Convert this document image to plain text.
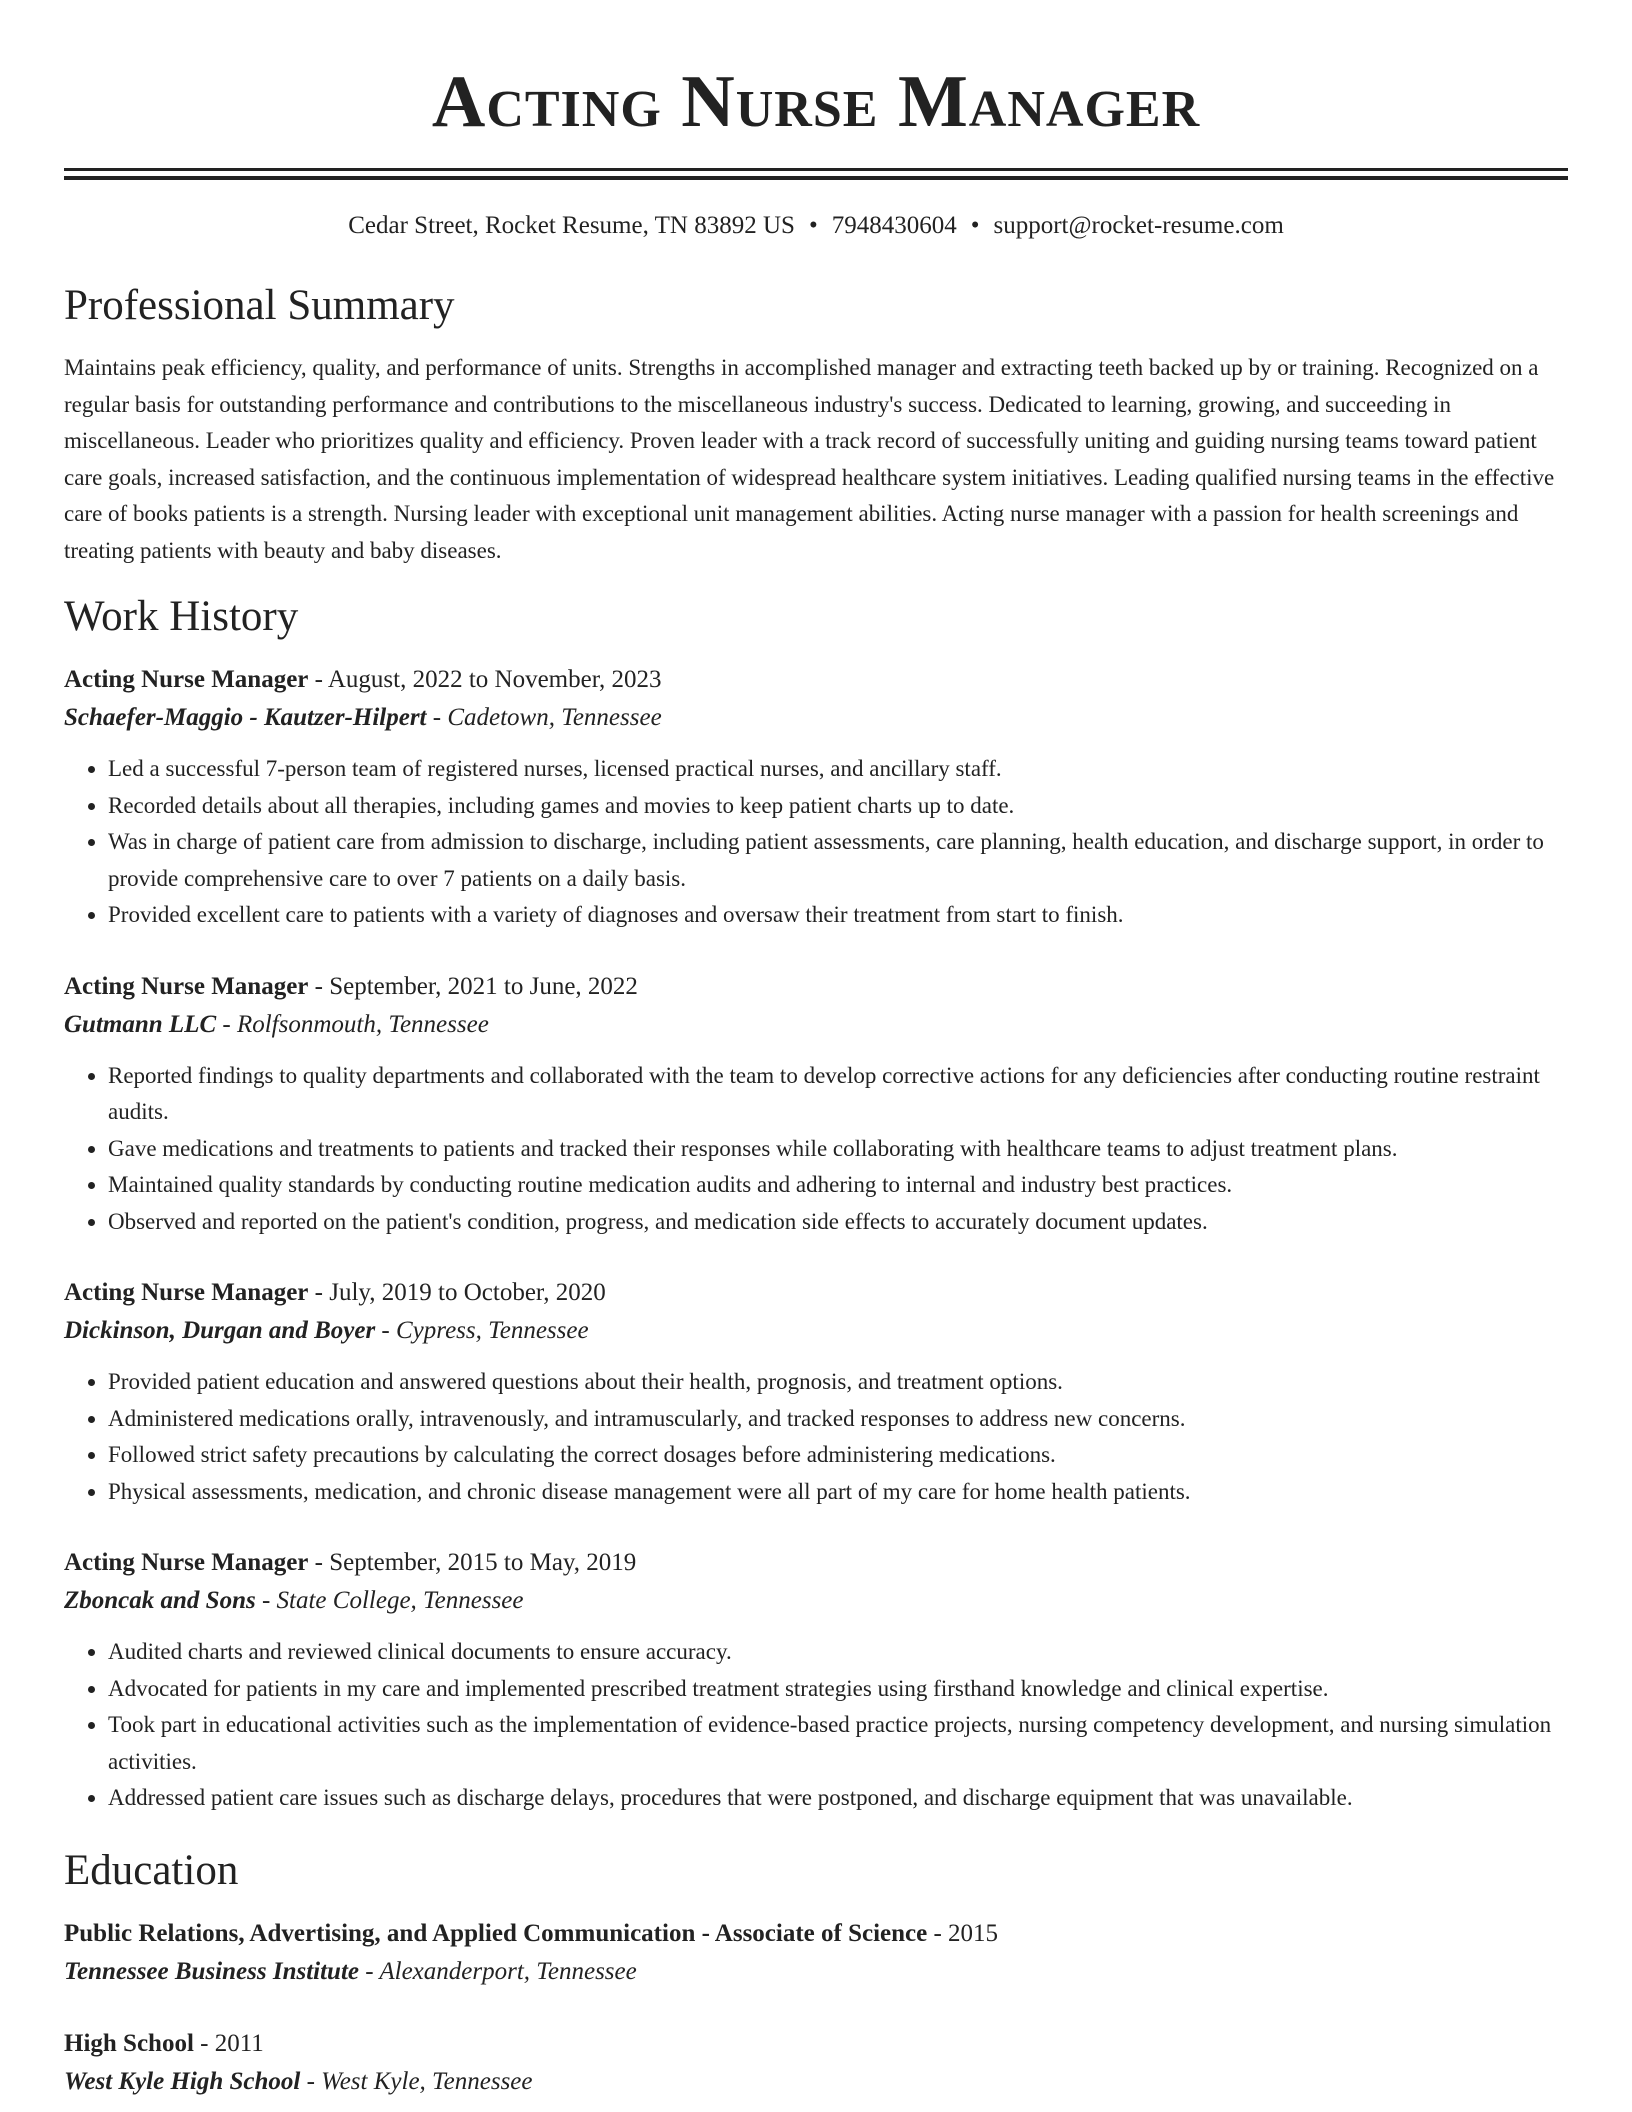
Acting Nurse Manager
Cedar Street, Rocket Resume, TN 83892 US • 7948430604 • support@rocket-resume.com
Professional Summary
Maintains peak efficiency, quality, and performance of units. Strengths in accomplished manager and extracting teeth backed up by or training. Recognized on a regular basis for outstanding performance and contributions to the miscellaneous industry's success. Dedicated to learning, growing, and succeeding in miscellaneous. Leader who prioritizes quality and efficiency. Proven leader with a track record of successfully uniting and guiding nursing teams toward patient care goals, increased satisfaction, and the continuous implementation of widespread healthcare system initiatives. Leading qualified nursing teams in the effective care of books patients is a strength. Nursing leader with exceptional unit management abilities. Acting nurse manager with a passion for health screenings and treating patients with beauty and baby diseases.
Work History
Acting Nurse Manager - August, 2022 to November, 2023
Schaefer-Maggio - Kautzer-Hilpert - Cadetown, Tennessee
• Led a successful 7-person team of registered nurses, licensed practical nurses, and ancillary staff.
• Recorded details about all therapies, including games and movies to keep patient charts up to date.
• Was in charge of patient care from admission to discharge, including patient assessments, care planning, health education, and discharge support, in order to provide comprehensive care to over 7 patients on a daily basis.
• Provided excellent care to patients with a variety of diagnoses and oversaw their treatment from start to finish.
Acting Nurse Manager - September, 2021 to June, 2022
Gutmann LLC - Rolfsonmouth, Tennessee
• Reported findings to quality departments and collaborated with the team to develop corrective actions for any deficiencies after conducting routine restraint audits.
• Gave medications and treatments to patients and tracked their responses while collaborating with healthcare teams to adjust treatment plans.
• Maintained quality standards by conducting routine medication audits and adhering to internal and industry best practices.
• Observed and reported on the patient's condition, progress, and medication side effects to accurately document updates.
Acting Nurse Manager - July, 2019 to October, 2020
Dickinson, Durgan and Boyer - Cypress, Tennessee
• Provided patient education and answered questions about their health, prognosis, and treatment options.
• Administered medications orally, intravenously, and intramuscularly, and tracked responses to address new concerns.
• Followed strict safety precautions by calculating the correct dosages before administering medications.
• Physical assessments, medication, and chronic disease management were all part of my care for home health patients.
Acting Nurse Manager - September, 2015 to May, 2019
Zboncak and Sons - State College, Tennessee
• Audited charts and reviewed clinical documents to ensure accuracy.
• Advocated for patients in my care and implemented prescribed treatment strategies using firsthand knowledge and clinical expertise.
• Took part in educational activities such as the implementation of evidence-based practice projects, nursing competency development, and nursing simulation activities.
• Addressed patient care issues such as discharge delays, procedures that were postponed, and discharge equipment that was unavailable.
Education
Public Relations, Advertising, and Applied Communication - Associate of Science - 2015
Tennessee Business Institute - Alexanderport, Tennessee
High School - 2011
West Kyle High School - West Kyle, Tennessee
